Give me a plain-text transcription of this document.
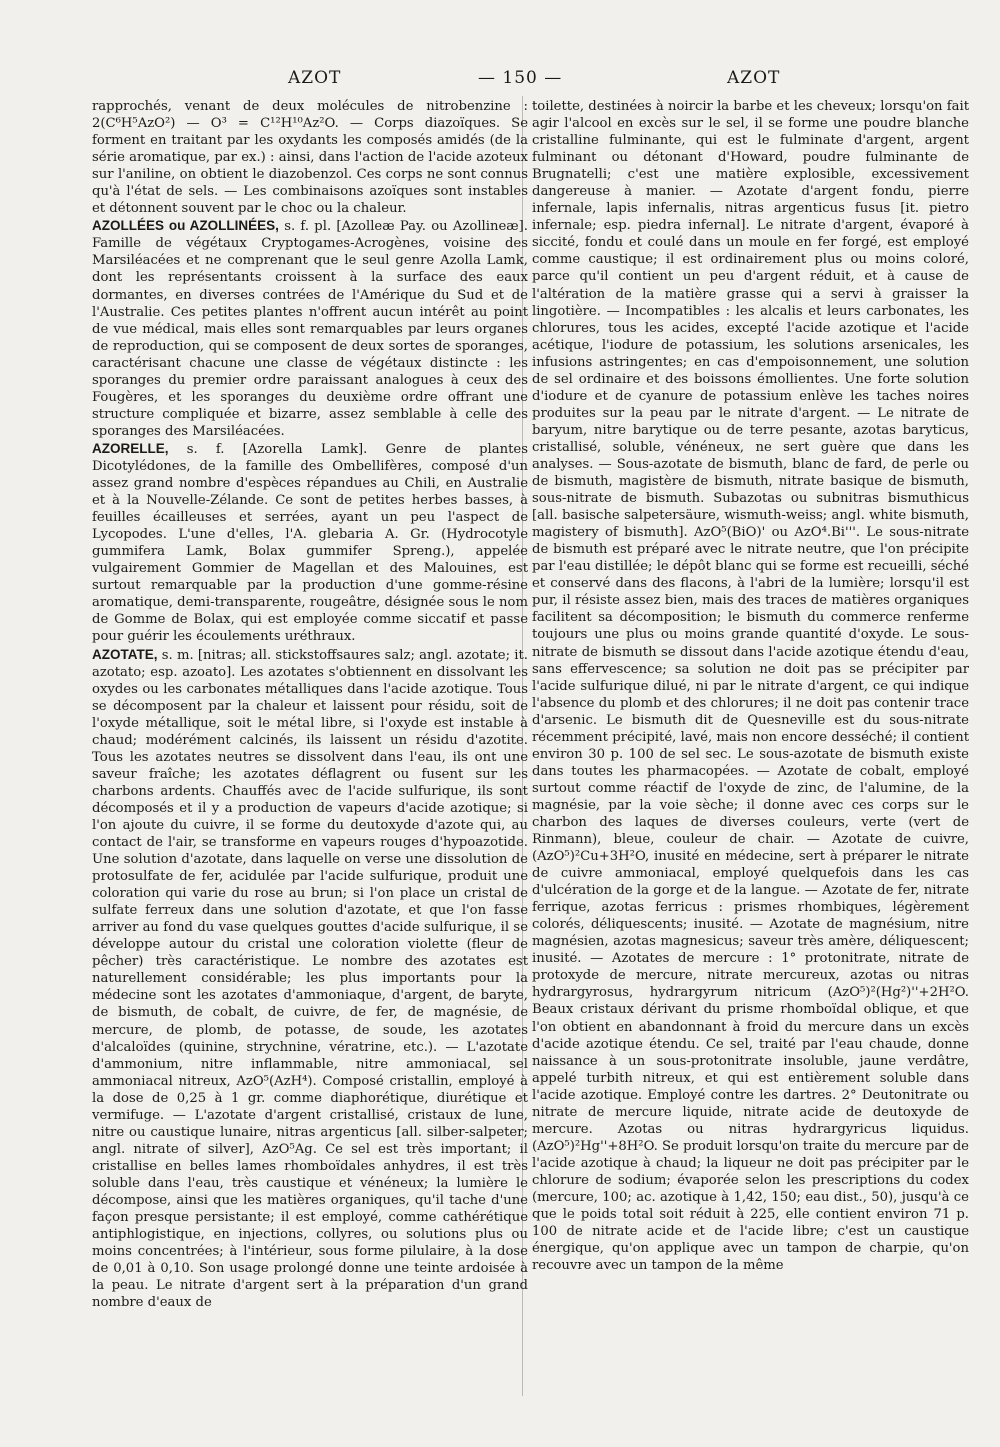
AZOT	— 150 —	AZOT

rapprochés, venant de deux molécules de nitrobenzine : 2(C⁶H⁵AzO²) — O³ = C¹²H¹⁰Az²O. — Corps diazoïques. Se forment en traitant par les oxydants les composés amidés (de la série aromatique, par ex.) : ainsi, dans l'action de l'acide azoteux sur l'aniline, on obtient le diazobenzol. Ces corps ne sont connus qu'à l'état de sels. — Les combinaisons azoïques sont instables et détonnent souvent par le choc ou la chaleur.

AZOLLÉES ou AZOLLINÉES, s. f. pl. [Azolleæ Pay. ou Azollineæ]. Famille de végétaux Cryptogames-Acrogènes, voisine des Marsiléacées et ne comprenant que le seul genre Azolla Lamk, dont les représentants croissent à la surface des eaux dormantes, en diverses contrées de l'Amérique du Sud et de l'Australie. Ces petites plantes n'offrent aucun intérêt au point de vue médical, mais elles sont remarquables par leurs organes de reproduction, qui se composent de deux sortes de sporanges, caractérisant chacune une classe de végétaux distincte : les sporanges du premier ordre paraissant analogues à ceux des Fougères, et les sporanges du deuxième ordre offrant une structure compliquée et bizarre, assez semblable à celle des sporanges des Marsiléacées.

AZORELLE, s. f. [Azorella Lamk]. Genre de plantes Dicotylédones, de la famille des Ombellifères, composé d'un assez grand nombre d'espèces répandues au Chili, en Australie et à la Nouvelle-Zélande. Ce sont de petites herbes basses, à feuilles écailleuses et serrées, ayant un peu l'aspect de Lycopodes. L'une d'elles, l'A. glebaria A. Gr. (Hydrocotyle gummifera Lamk, Bolax gummifer Spreng.), appelée vulgairement Gommier de Magellan et des Malouines, est surtout remarquable par la production d'une gomme-résine aromatique, demi-transparente, rougeâtre, désignée sous le nom de Gomme de Bolax, qui est employée comme siccatif et passe pour guérir les écoulements uréthraux.

AZOTATE, s. m. [nitras; all. stickstoffsaures salz; angl. azotate; it. azotato; esp. azoato]. Les azotates s'obtiennent en dissolvant les oxydes ou les carbonates métalliques dans l'acide azotique. Tous se décomposent par la chaleur et laissent pour résidu, soit de l'oxyde métallique, soit le métal libre, si l'oxyde est instable à chaud; modérément calcinés, ils laissent un résidu d'azotite. Tous les azotates neutres se dissolvent dans l'eau, ils ont une saveur fraîche; les azotates déflagrent ou fusent sur les charbons ardents. Chauffés avec de l'acide sulfurique, ils sont décomposés et il y a production de vapeurs d'acide azotique; si l'on ajoute du cuivre, il se forme du deutoxyde d'azote qui, au contact de l'air, se transforme en vapeurs rouges d'hypoazotide. Une solution d'azotate, dans laquelle on verse une dissolution de protosulfate de fer, acidulée par l'acide sulfurique, produit une coloration qui varie du rose au brun; si l'on place un cristal de sulfate ferreux dans une solution d'azotate, et que l'on fasse arriver au fond du vase quelques gouttes d'acide sulfurique, il se développe autour du cristal une coloration violette (fleur de pêcher) très caractéristique. Le nombre des azotates est naturellement considérable; les plus importants pour la médecine sont les azotates d'ammoniaque, d'argent, de baryte, de bismuth, de cobalt, de cuivre, de fer, de magnésie, de mercure, de plomb, de potasse, de soude, les azotates d'alcaloïdes (quinine, strychnine, vératrine, etc.). — L'azotate d'ammonium, nitre inflammable, nitre ammoniacal, sel ammoniacal nitreux, AzO⁵(AzH⁴). Composé cristallin, employé à la dose de 0,25 à 1 gr. comme diaphorétique, diurétique et vermifuge. — L'azotate d'argent cristallisé, cristaux de lune, nitre ou caustique lunaire, nitras argenticus [all. silber-salpeter; angl. nitrate of silver], AzO⁵Ag. Ce sel est très important; il cristallise en belles lames rhomboïdales anhydres, il est très soluble dans l'eau, très caustique et vénéneux; la lumière le décompose, ainsi que les matières organiques, qu'il tache d'une façon presque persistante; il est employé, comme cathérétique antiphlogistique, en injections, collyres, ou solutions plus ou moins concentrées; à l'intérieur, sous forme pilulaire, à la dose de 0,01 à 0,10. Son usage prolongé donne une teinte ardoisée à la peau. Le nitrate d'argent sert à la préparation d'un grand nombre d'eaux de

toilette, destinées à noircir la barbe et les cheveux; lorsqu'on fait agir l'alcool en excès sur le sel, il se forme une poudre blanche cristalline fulminante, qui est le fulminate d'argent, argent fulminant ou détonant d'Howard, poudre fulminante de Brugnatelli; c'est une matière explosible, excessivement dangereuse à manier. — Azotate d'argent fondu, pierre infernale, lapis infernalis, nitras argenticus fusus [it. pietro infernale; esp. piedra infernal]. Le nitrate d'argent, évaporé à siccité, fondu et coulé dans un moule en fer forgé, est employé comme caustique; il est ordinairement plus ou moins coloré, parce qu'il contient un peu d'argent réduit, et à cause de l'altération de la matière grasse qui a servi à graisser la lingotière. — Incompatibles : les alcalis et leurs carbonates, les chlorures, tous les acides, excepté l'acide azotique et l'acide acétique, l'iodure de potassium, les solutions arsenicales, les infusions astringentes; en cas d'empoisonnement, une solution de sel ordinaire et des boissons émollientes. Une forte solution d'iodure et de cyanure de potassium enlève les taches noires produites sur la peau par le nitrate d'argent. — Le nitrate de baryum, nitre barytique ou de terre pesante, azotas baryticus, cristallisé, soluble, vénéneux, ne sert guère que dans les analyses. — Sous-azotate de bismuth, blanc de fard, de perle ou de bismuth, magistère de bismuth, nitrate basique de bismuth, sous-nitrate de bismuth. Subazotas ou subnitras bismuthicus [all. basische salpetersäure, wismuth-weiss; angl. white bismuth, magistery of bismuth]. AzO⁵(BiO)' ou AzO⁴.Bi'''. Le sous-nitrate de bismuth est préparé avec le nitrate neutre, que l'on précipite par l'eau distillée; le dépôt blanc qui se forme est recueilli, séché et conservé dans des flacons, à l'abri de la lumière; lorsqu'il est pur, il résiste assez bien, mais des traces de matières organiques facilitent sa décomposition; le bismuth du commerce renferme toujours une plus ou moins grande quantité d'oxyde. Le sous-nitrate de bismuth se dissout dans l'acide azotique étendu d'eau, sans effervescence; sa solution ne doit pas se précipiter par l'acide sulfurique dilué, ni par le nitrate d'argent, ce qui indique l'absence du plomb et des chlorures; il ne doit pas contenir trace d'arsenic. Le bismuth dit de Quesneville est du sous-nitrate récemment précipité, lavé, mais non encore desséché; il contient environ 30 p. 100 de sel sec. Le sous-azotate de bismuth existe dans toutes les pharmacopées. — Azotate de cobalt, employé surtout comme réactif de l'oxyde de zinc, de l'alumine, de la magnésie, par la voie sèche; il donne avec ces corps sur le charbon des laques de diverses couleurs, verte (vert de Rinmann), bleue, couleur de chair. — Azotate de cuivre, (AzO⁵)²Cu+3H²O, inusité en médecine, sert à préparer le nitrate de cuivre ammoniacal, employé quelquefois dans les cas d'ulcération de la gorge et de la langue. — Azotate de fer, nitrate ferrique, azotas ferricus : prismes rhombiques, légèrement colorés, déliquescents; inusité. — Azotate de magnésium, nitre magnésien, azotas magnesicus; saveur très amère, déliquescent; inusité. — Azotates de mercure : 1° protonitrate, nitrate de protoxyde de mercure, nitrate mercureux, azotas ou nitras hydrargyrosus, hydrargyrum nitricum (AzO⁵)²(Hg²)''+2H²O. Beaux cristaux dérivant du prisme rhomboïdal oblique, et que l'on obtient en abandonnant à froid du mercure dans un excès d'acide azotique étendu. Ce sel, traité par l'eau chaude, donne naissance à un sous-protonitrate insoluble, jaune verdâtre, appelé turbith nitreux, et qui est entièrement soluble dans l'acide azotique. Employé contre les dartres. 2° Deutonitrate ou nitrate de mercure liquide, nitrate acide de deutoxyde de mercure. Azotas ou nitras hydrargyricus liquidus. (AzO⁵)²Hg''+8H²O. Se produit lorsqu'on traite du mercure par de l'acide azotique à chaud; la liqueur ne doit pas précipiter par le chlorure de sodium; évaporée selon les prescriptions du codex (mercure, 100; ac. azotique à 1,42, 150; eau dist., 50), jusqu'à ce que le poids total soit réduit à 225, elle contient environ 71 p. 100 de nitrate acide et de l'acide libre; c'est un caustique énergique, qu'on applique avec un tampon de charpie, qu'on recouvre avec un tampon de la même
